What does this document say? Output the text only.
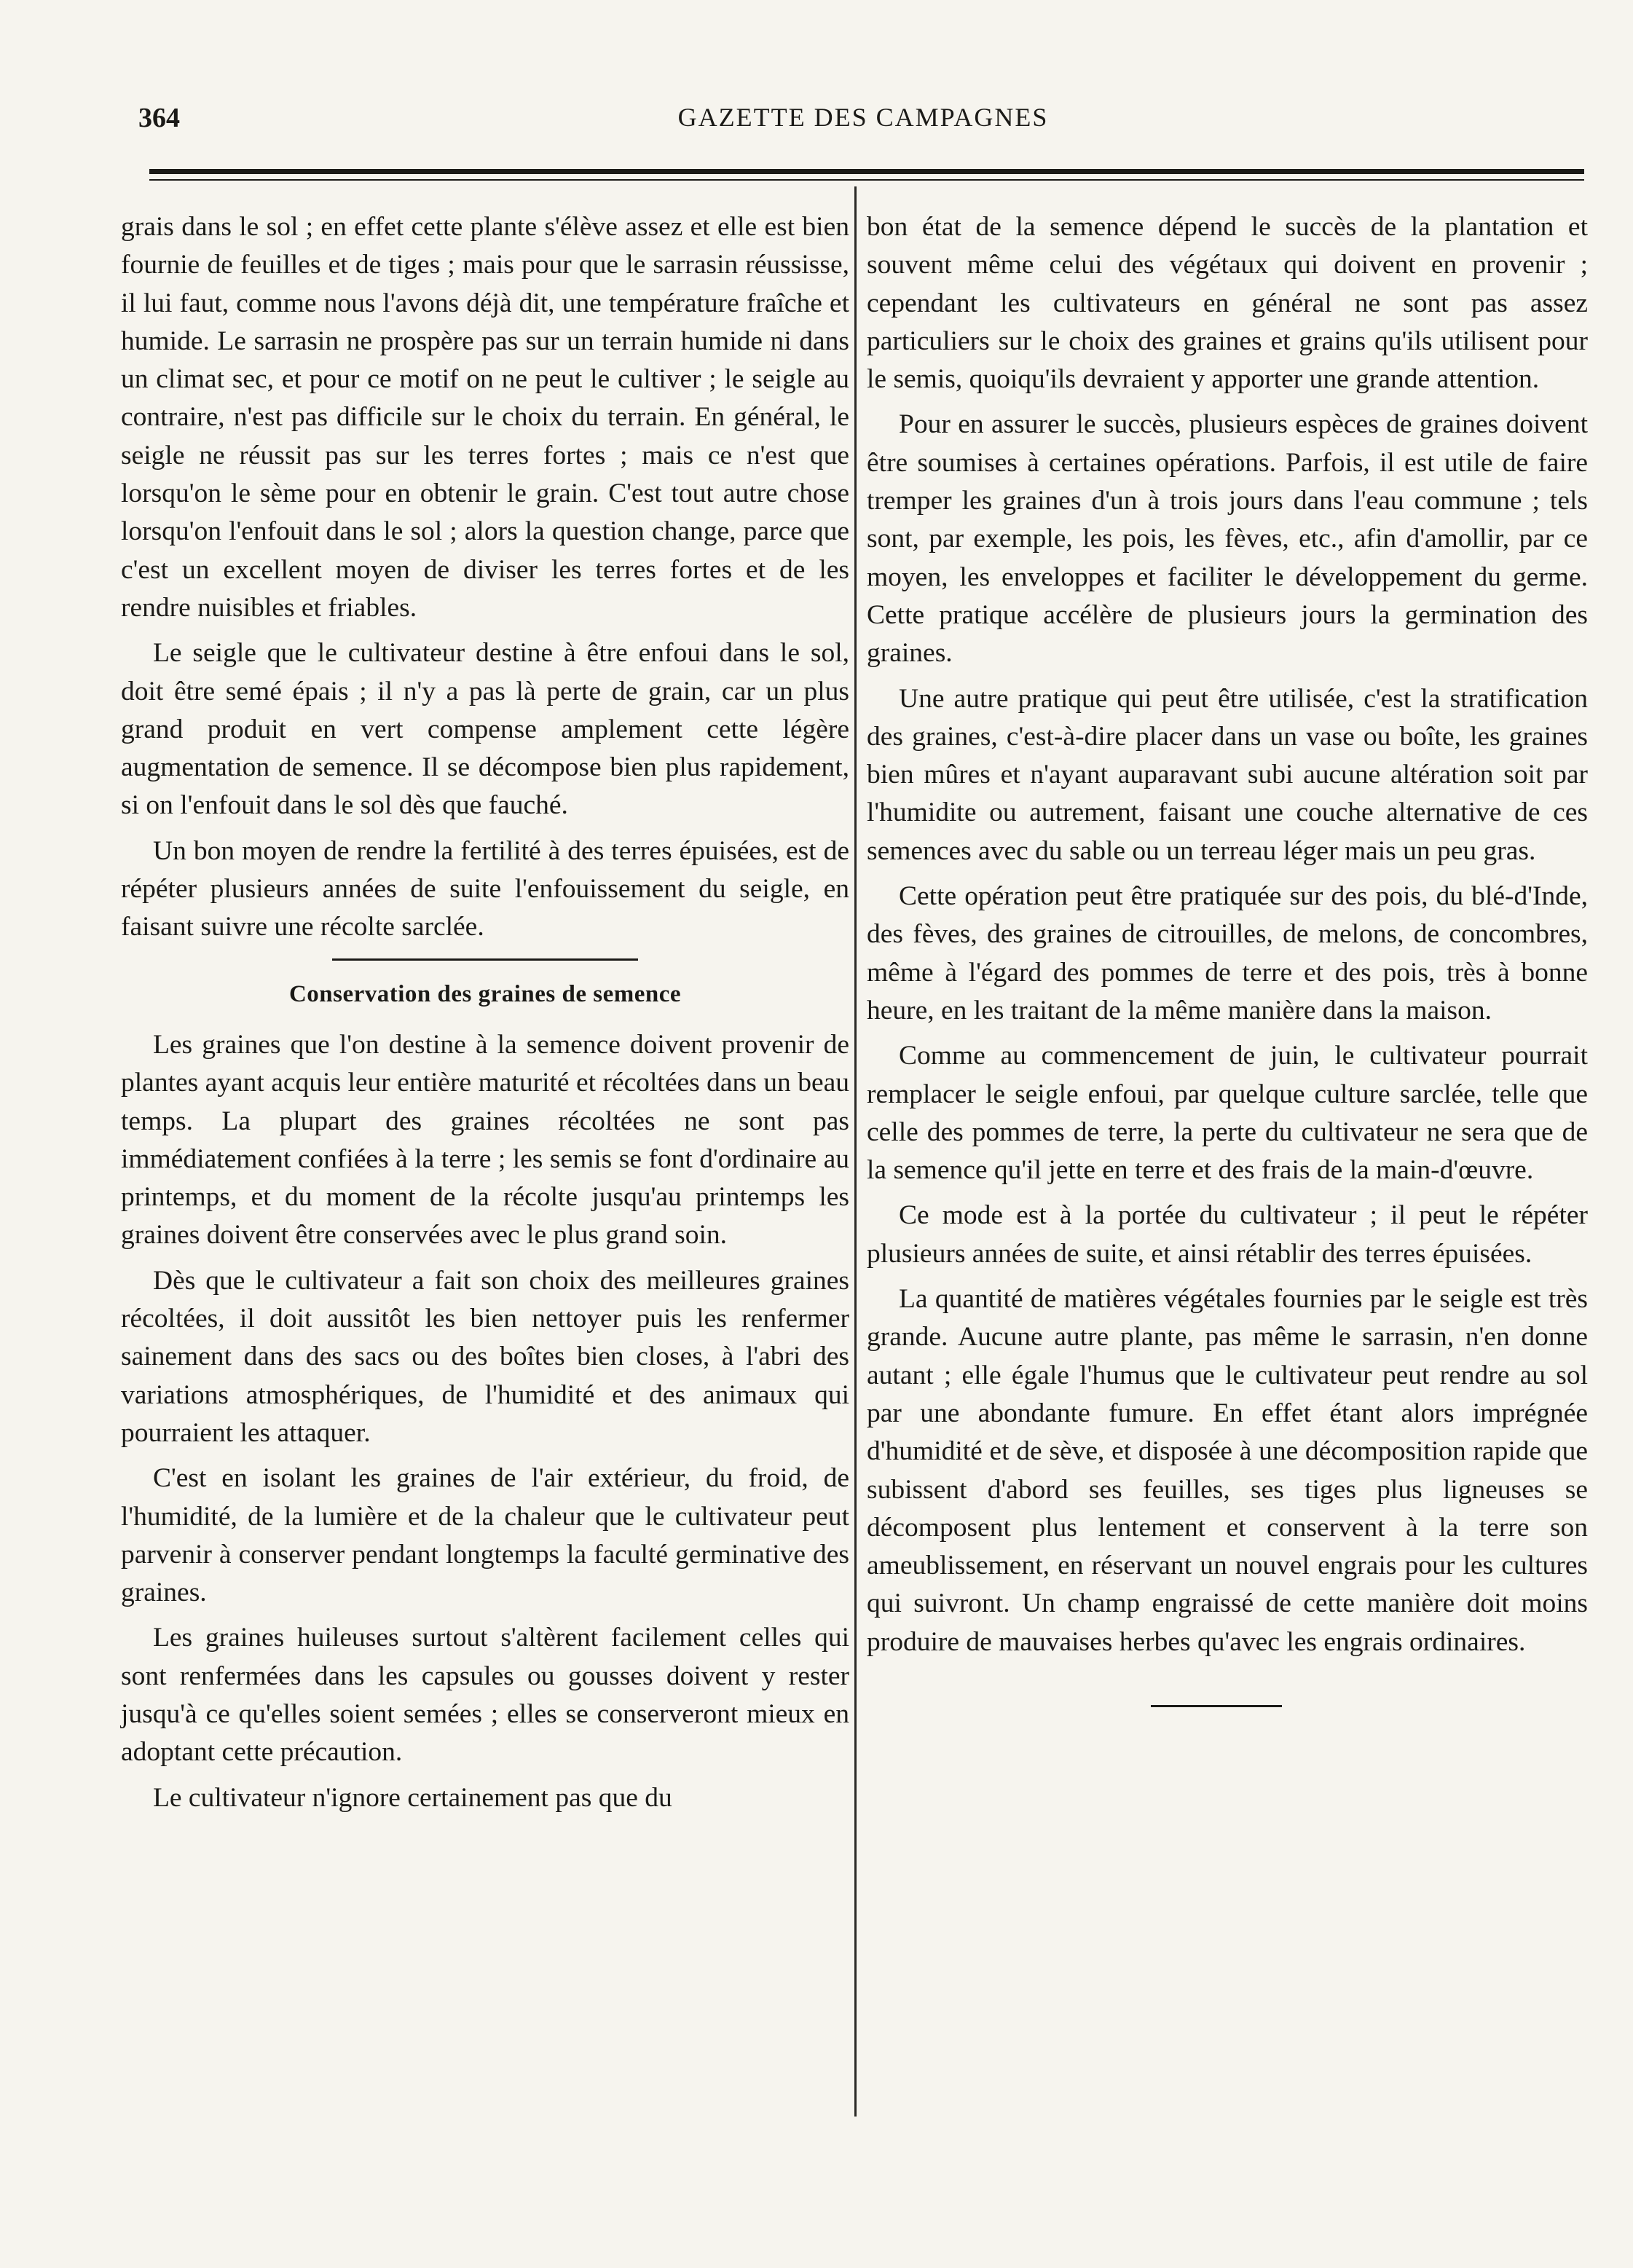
364	GAZETTE DES CAMPAGNES

grais dans le sol ; en effet cette plante s'élève assez et elle est bien fournie de feuilles et de tiges ; mais pour que le sarrasin réussisse, il lui faut, comme nous l'avons déjà dit, une température fraîche et humide. Le sarrasin ne prospère pas sur un terrain humide ni dans un climat sec, et pour ce motif on ne peut le cultiver ; le seigle au contraire, n'est pas difficile sur le choix du terrain. En général, le seigle ne réussit pas sur les terres fortes ; mais ce n'est que lorsqu'on le sème pour en obtenir le grain. C'est tout autre chose lorsqu'on l'enfouit dans le sol ; alors la question change, parce que c'est un excellent moyen de diviser les terres fortes et de les rendre nuisibles et friables.

Le seigle que le cultivateur destine à être enfoui dans le sol, doit être semé épais ; il n'y a pas là perte de grain, car un plus grand produit en vert compense amplement cette légère augmentation de semence. Il se décompose bien plus rapidement, si on l'enfouit dans le sol dès que fauché.

Un bon moyen de rendre la fertilité à des terres épuisées, est de répéter plusieurs années de suite l'enfouissement du seigle, en faisant suivre une récolte sarclée.

Conservation des graines de semence

Les graines que l'on destine à la semence doivent provenir de plantes ayant acquis leur entière maturité et récoltées dans un beau temps. La plupart des graines récoltées ne sont pas immédiatement confiées à la terre ; les semis se font d'ordinaire au printemps, et du moment de la récolte jusqu'au printemps les graines doivent être conservées avec le plus grand soin.

Dès que le cultivateur a fait son choix des meilleures graines récoltées, il doit aussitôt les bien nettoyer puis les renfermer sainement dans des sacs ou des boîtes bien closes, à l'abri des variations atmosphériques, de l'humidité et des animaux qui pourraient les attaquer.

C'est en isolant les graines de l'air extérieur, du froid, de l'humidité, de la lumière et de la chaleur que le cultivateur peut parvenir à conserver pendant longtemps la faculté germinative des graines.

Les graines huileuses surtout s'altèrent facilement celles qui sont renfermées dans les capsules ou gousses doivent y rester jusqu'à ce qu'elles soient semées ; elles se conserveront mieux en adoptant cette précaution.

Le cultivateur n'ignore certainement pas que du

bon état de la semence dépend le succès de la plantation et souvent même celui des végétaux qui doivent en provenir ; cependant les cultivateurs en général ne sont pas assez particuliers sur le choix des graines et grains qu'ils utilisent pour le semis, quoiqu'ils devraient y apporter une grande attention.

Pour en assurer le succès, plusieurs espèces de graines doivent être soumises à certaines opérations. Parfois, il est utile de faire tremper les graines d'un à trois jours dans l'eau commune ; tels sont, par exemple, les pois, les fèves, etc., afin d'amollir, par ce moyen, les enveloppes et faciliter le développement du germe. Cette pratique accélère de plusieurs jours la germination des graines.

Une autre pratique qui peut être utilisée, c'est la stratification des graines, c'est-à-dire placer dans un vase ou boîte, les graines bien mûres et n'ayant auparavant subi aucune altération soit par l'humidite ou autrement, faisant une couche alternative de ces semences avec du sable ou un terreau léger mais un peu gras.

Cette opération peut être pratiquée sur des pois, du blé-d'Inde, des fèves, des graines de citrouilles, de melons, de concombres, même à l'égard des pommes de terre et des pois, très à bonne heure, en les traitant de la même manière dans la maison.

Comme au commencement de juin, le cultivateur pourrait remplacer le seigle enfoui, par quelque culture sarclée, telle que celle des pommes de terre, la perte du cultivateur ne sera que de la semence qu'il jette en terre et des frais de la main-d'œuvre.

Ce mode est à la portée du cultivateur ; il peut le répéter plusieurs années de suite, et ainsi rétablir des terres épuisées.

La quantité de matières végétales fournies par le seigle est très grande. Aucune autre plante, pas même le sarrasin, n'en donne autant ; elle égale l'humus que le cultivateur peut rendre au sol par une abondante fumure. En effet étant alors imprégnée d'humidité et de sève, et disposée à une décomposition rapide que subissent d'abord ses feuilles, ses tiges plus ligneuses se décomposent plus lentement et conservent à la terre son ameublissement, en réservant un nouvel engrais pour les cultures qui suivront. Un champ engraissé de cette manière doit moins produire de mauvaises herbes qu'avec les engrais ordinaires.
